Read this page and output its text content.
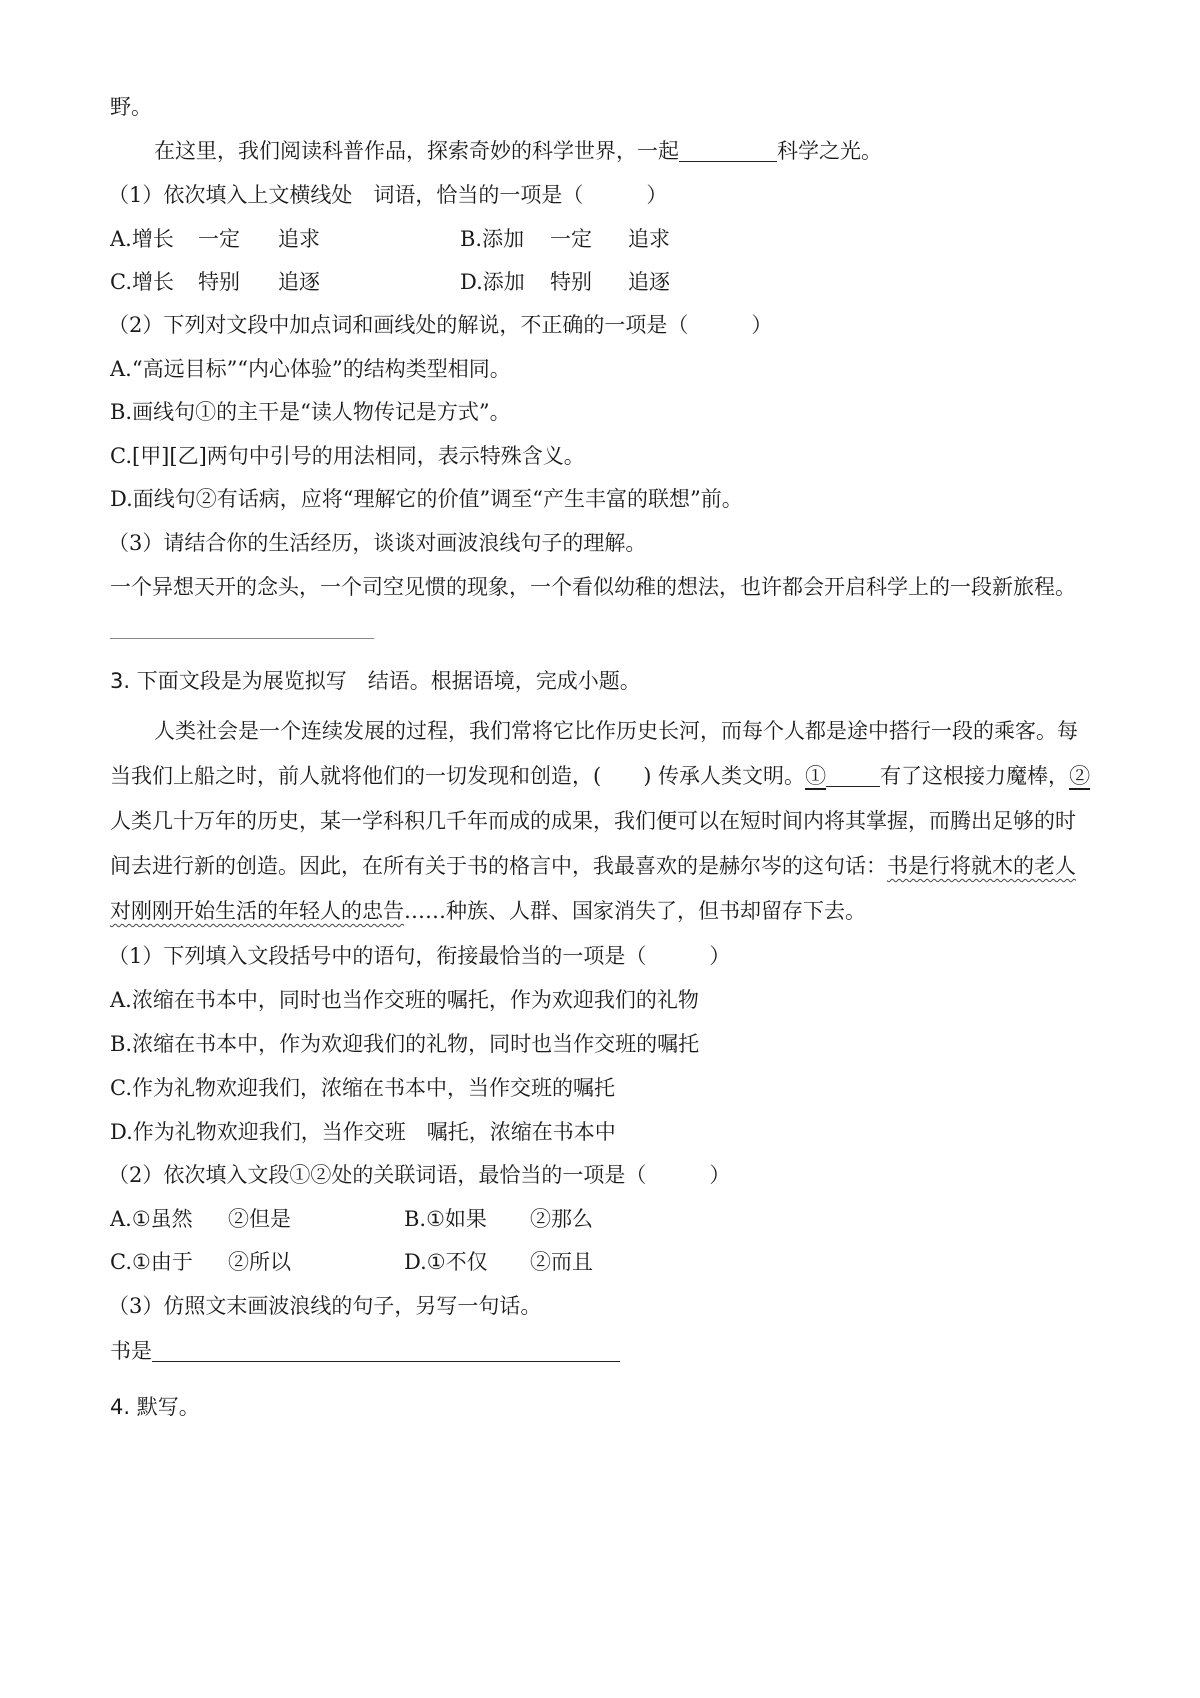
野。
在这里，我们阅读科普作品，探索奇妙的科学世界，一起	科学之光。
（1）依次填入上文横线处　词语，恰当的一项是（　　　）
A.增长 一定 追求	B.添加 一定 追求
C.增长 特别 追逐	D.添加 特别 追逐
（2）下列对文段中加点词和画线处的解说，不正确的一项是（　　　）
A.“高远目标”“内心体验”的结构类型相同。
B.画线句①的主干是“读人物传记是方式”。
C.[甲][乙]两句中引号的用法相同，表示特殊含义。
D.面线句②有话病，应将“理解它的价值”调至“产生丰富的联想”前。
（3）请结合你的生活经历，谈谈对画波浪线句子的理解。
一个异想天开的念头，一个司空见惯的现象，一个看似幼稚的想法，也许都会开启科学上的一段新旅程。
3. 下面文段是为展览拟写　结语。根据语境，完成小题。
人类社会是一个连续发展的过程，我们常将它比作历史长河，而每个人都是途中搭行一段的乘客。每
当我们上船之时，前人就将他们的一切发现和创造，(　　) 传承人类文明。①	有了这根接力魔棒，②
人类几十万年的历史，某一学科积几千年而成的成果，我们便可以在短时间内将其掌握，而腾出足够的时
间去进行新的创造。因此，在所有关于书的格言中，我最喜欢的是赫尔岑的这句话：书是行将就木的老人
对刚刚开始生活的年轻人的忠告……种族、人群、国家消失了，但书却留存下去。
（1）下列填入文段括号中的语句，衔接最恰当的一项是（　　　）
A.浓缩在书本中，同时也当作交班的嘱托，作为欢迎我们的礼物
B.浓缩在书本中，作为欢迎我们的礼物，同时也当作交班的嘱托
C.作为礼物欢迎我们，浓缩在书本中，当作交班的嘱托
D.作为礼物欢迎我们，当作交班　嘱托，浓缩在书本中
（2）依次填入文段①②处的关联词语，最恰当的一项是（　　　）
A.①虽然 ②但是	B.①如果 ②那么
C.①由于 ②所以	D.①不仅 ②而且
（3）仿照文末画波浪线的句子，另写一句话。
书是
4. 默写。
